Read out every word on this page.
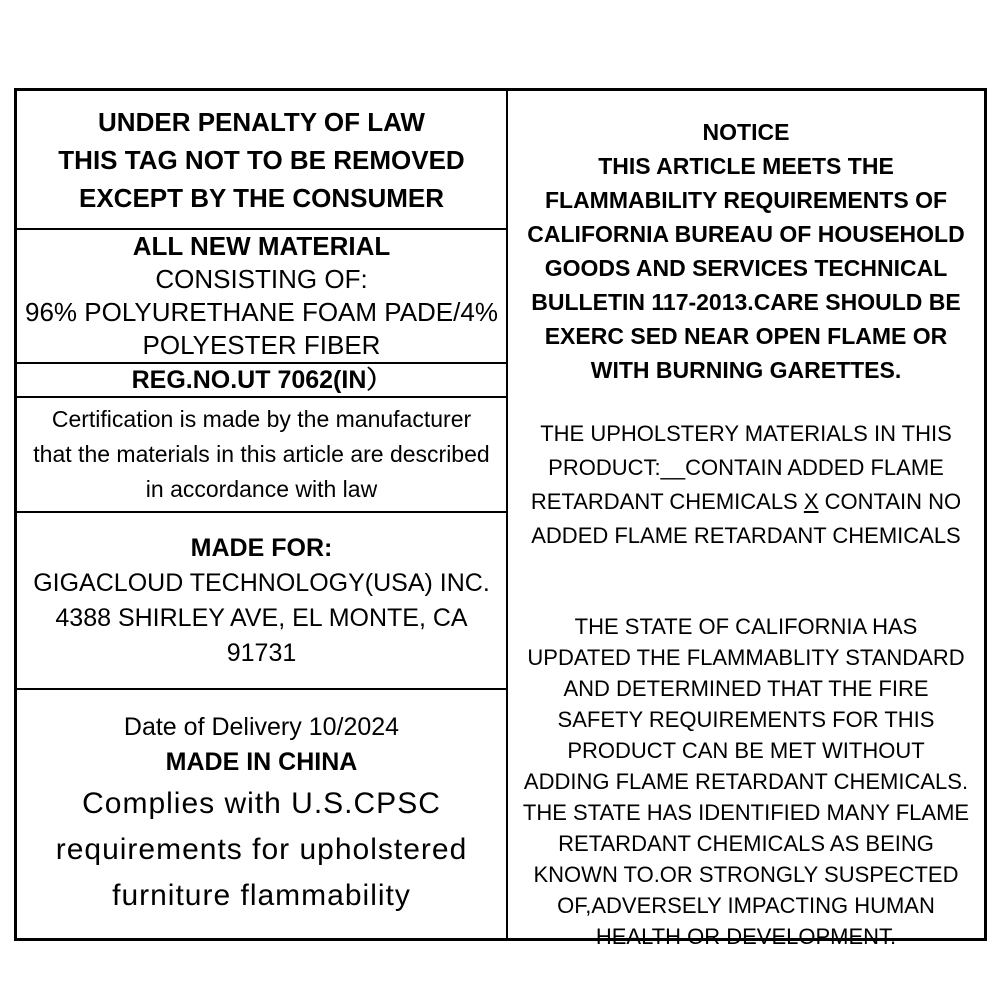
UNDER PENALTY OF LAW
THIS TAG NOT TO BE REMOVED
EXCEPT BY THE CONSUMER
ALL NEW MATERIAL
CONSISTING OF:
96% POLYURETHANE FOAM PADE/4%
POLYESTER FIBER
REG.NO.UT 7062(IN）
Certification is made by the manufacturer
that the materials in this article are described
in accordance with law
MADE FOR:
GIGACLOUD TECHNOLOGY(USA) INC.
4388 SHIRLEY AVE, EL MONTE, CA
91731
Date of Delivery 10/2024
MADE IN CHINA
Complies with U.S.CPSC
requirements for upholstered
furniture flammability
NOTICE
THIS ARTICLE MEETS THE
FLAMMABILITY REQUIREMENTS OF
CALIFORNIA BUREAU OF HOUSEHOLD
GOODS AND SERVICES TECHNICAL
BULLETIN 117-2013.CARE SHOULD BE
EXERC SED NEAR OPEN FLAME OR
WITH BURNING GARETTES.
THE UPHOLSTERY MATERIALS IN THIS
PRODUCT:__CONTAIN ADDED FLAME
RETARDANT CHEMICALS X CONTAIN NO
ADDED FLAME RETARDANT CHEMICALS
THE STATE OF CALIFORNIA HAS
UPDATED THE FLAMMABLITY STANDARD
AND DETERMINED THAT THE FIRE
SAFETY REQUIREMENTS FOR THIS
PRODUCT CAN BE MET WITHOUT
ADDING FLAME RETARDANT CHEMICALS.
THE STATE HAS IDENTIFIED MANY FLAME
RETARDANT CHEMICALS AS BEING
KNOWN TO.OR STRONGLY SUSPECTED
OF,ADVERSELY IMPACTING HUMAN
HEALTH OR DEVELOPMENT.
